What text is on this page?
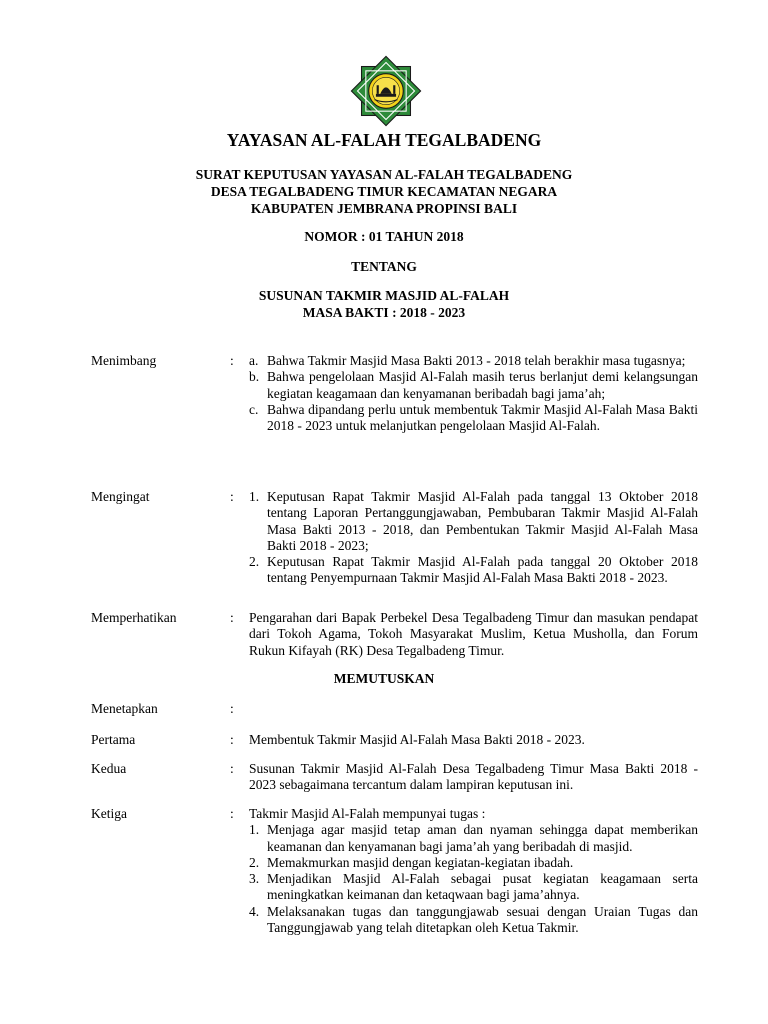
YAYASAN AL-FALAH TEGALBADENG
SURAT KEPUTUSAN YAYASAN AL-FALAH TEGALBADENG
DESA TEGALBADENG TIMUR KECAMATAN NEGARA
KABUPATEN JEMBRANA PROPINSI BALI
NOMOR : 01 TAHUN 2018
TENTANG
SUSUNAN TAKMIR MASJID AL-FALAH
MASA BAKTI : 2018 - 2023
Menimbang	: a. Bahwa Takmir Masjid Masa Bakti 2013 - 2018 telah berakhir masa tugasnya;
b. Bahwa pengelolaan Masjid Al-Falah masih terus berlanjut demi kelangsungan kegiatan keagamaan dan kenyamanan beribadah bagi jama’ah;
c. Bahwa dipandang perlu untuk membentuk Takmir Masjid Al-Falah Masa Bakti 2018 - 2023 untuk melanjutkan pengelolaan Masjid Al-Falah.
Mengingat	: 1. Keputusan Rapat Takmir Masjid Al-Falah pada tanggal 13 Oktober 2018 tentang Laporan Pertanggungjawaban, Pembubaran Takmir Masjid Al-Falah Masa Bakti 2013 - 2018, dan Pembentukan Takmir Masjid Al-Falah Masa Bakti 2018 - 2023;
2. Keputusan Rapat Takmir Masjid Al-Falah pada tanggal 20 Oktober 2018 tentang Penyempurnaan Takmir Masjid Al-Falah Masa Bakti 2018 - 2023.
Memperhatikan	: Pengarahan dari Bapak Perbekel Desa Tegalbadeng Timur dan masukan pendapat dari Tokoh Agama, Tokoh Masyarakat Muslim, Ketua Musholla, dan Forum Rukun Kifayah (RK) Desa Tegalbadeng Timur.
MEMUTUSKAN
Menetapkan	:
Pertama	: Membentuk Takmir Masjid Al-Falah Masa Bakti 2018 - 2023.
Kedua	: Susunan Takmir Masjid Al-Falah Desa Tegalbadeng Timur Masa Bakti 2018 - 2023 sebagaimana tercantum dalam lampiran keputusan ini.
Ketiga	: Takmir Masjid Al-Falah mempunyai tugas :
1. Menjaga agar masjid tetap aman dan nyaman sehingga dapat memberikan keamanan dan kenyamanan bagi jama’ah yang beribadah di masjid.
2. Memakmurkan masjid dengan kegiatan-kegiatan ibadah.
3. Menjadikan Masjid Al-Falah sebagai pusat kegiatan keagamaan serta meningkatkan keimanan dan ketaqwaan bagi jama’ahnya.
4. Melaksanakan tugas dan tanggungjawab sesuai dengan Uraian Tugas dan Tanggungjawab yang telah ditetapkan oleh Ketua Takmir.
